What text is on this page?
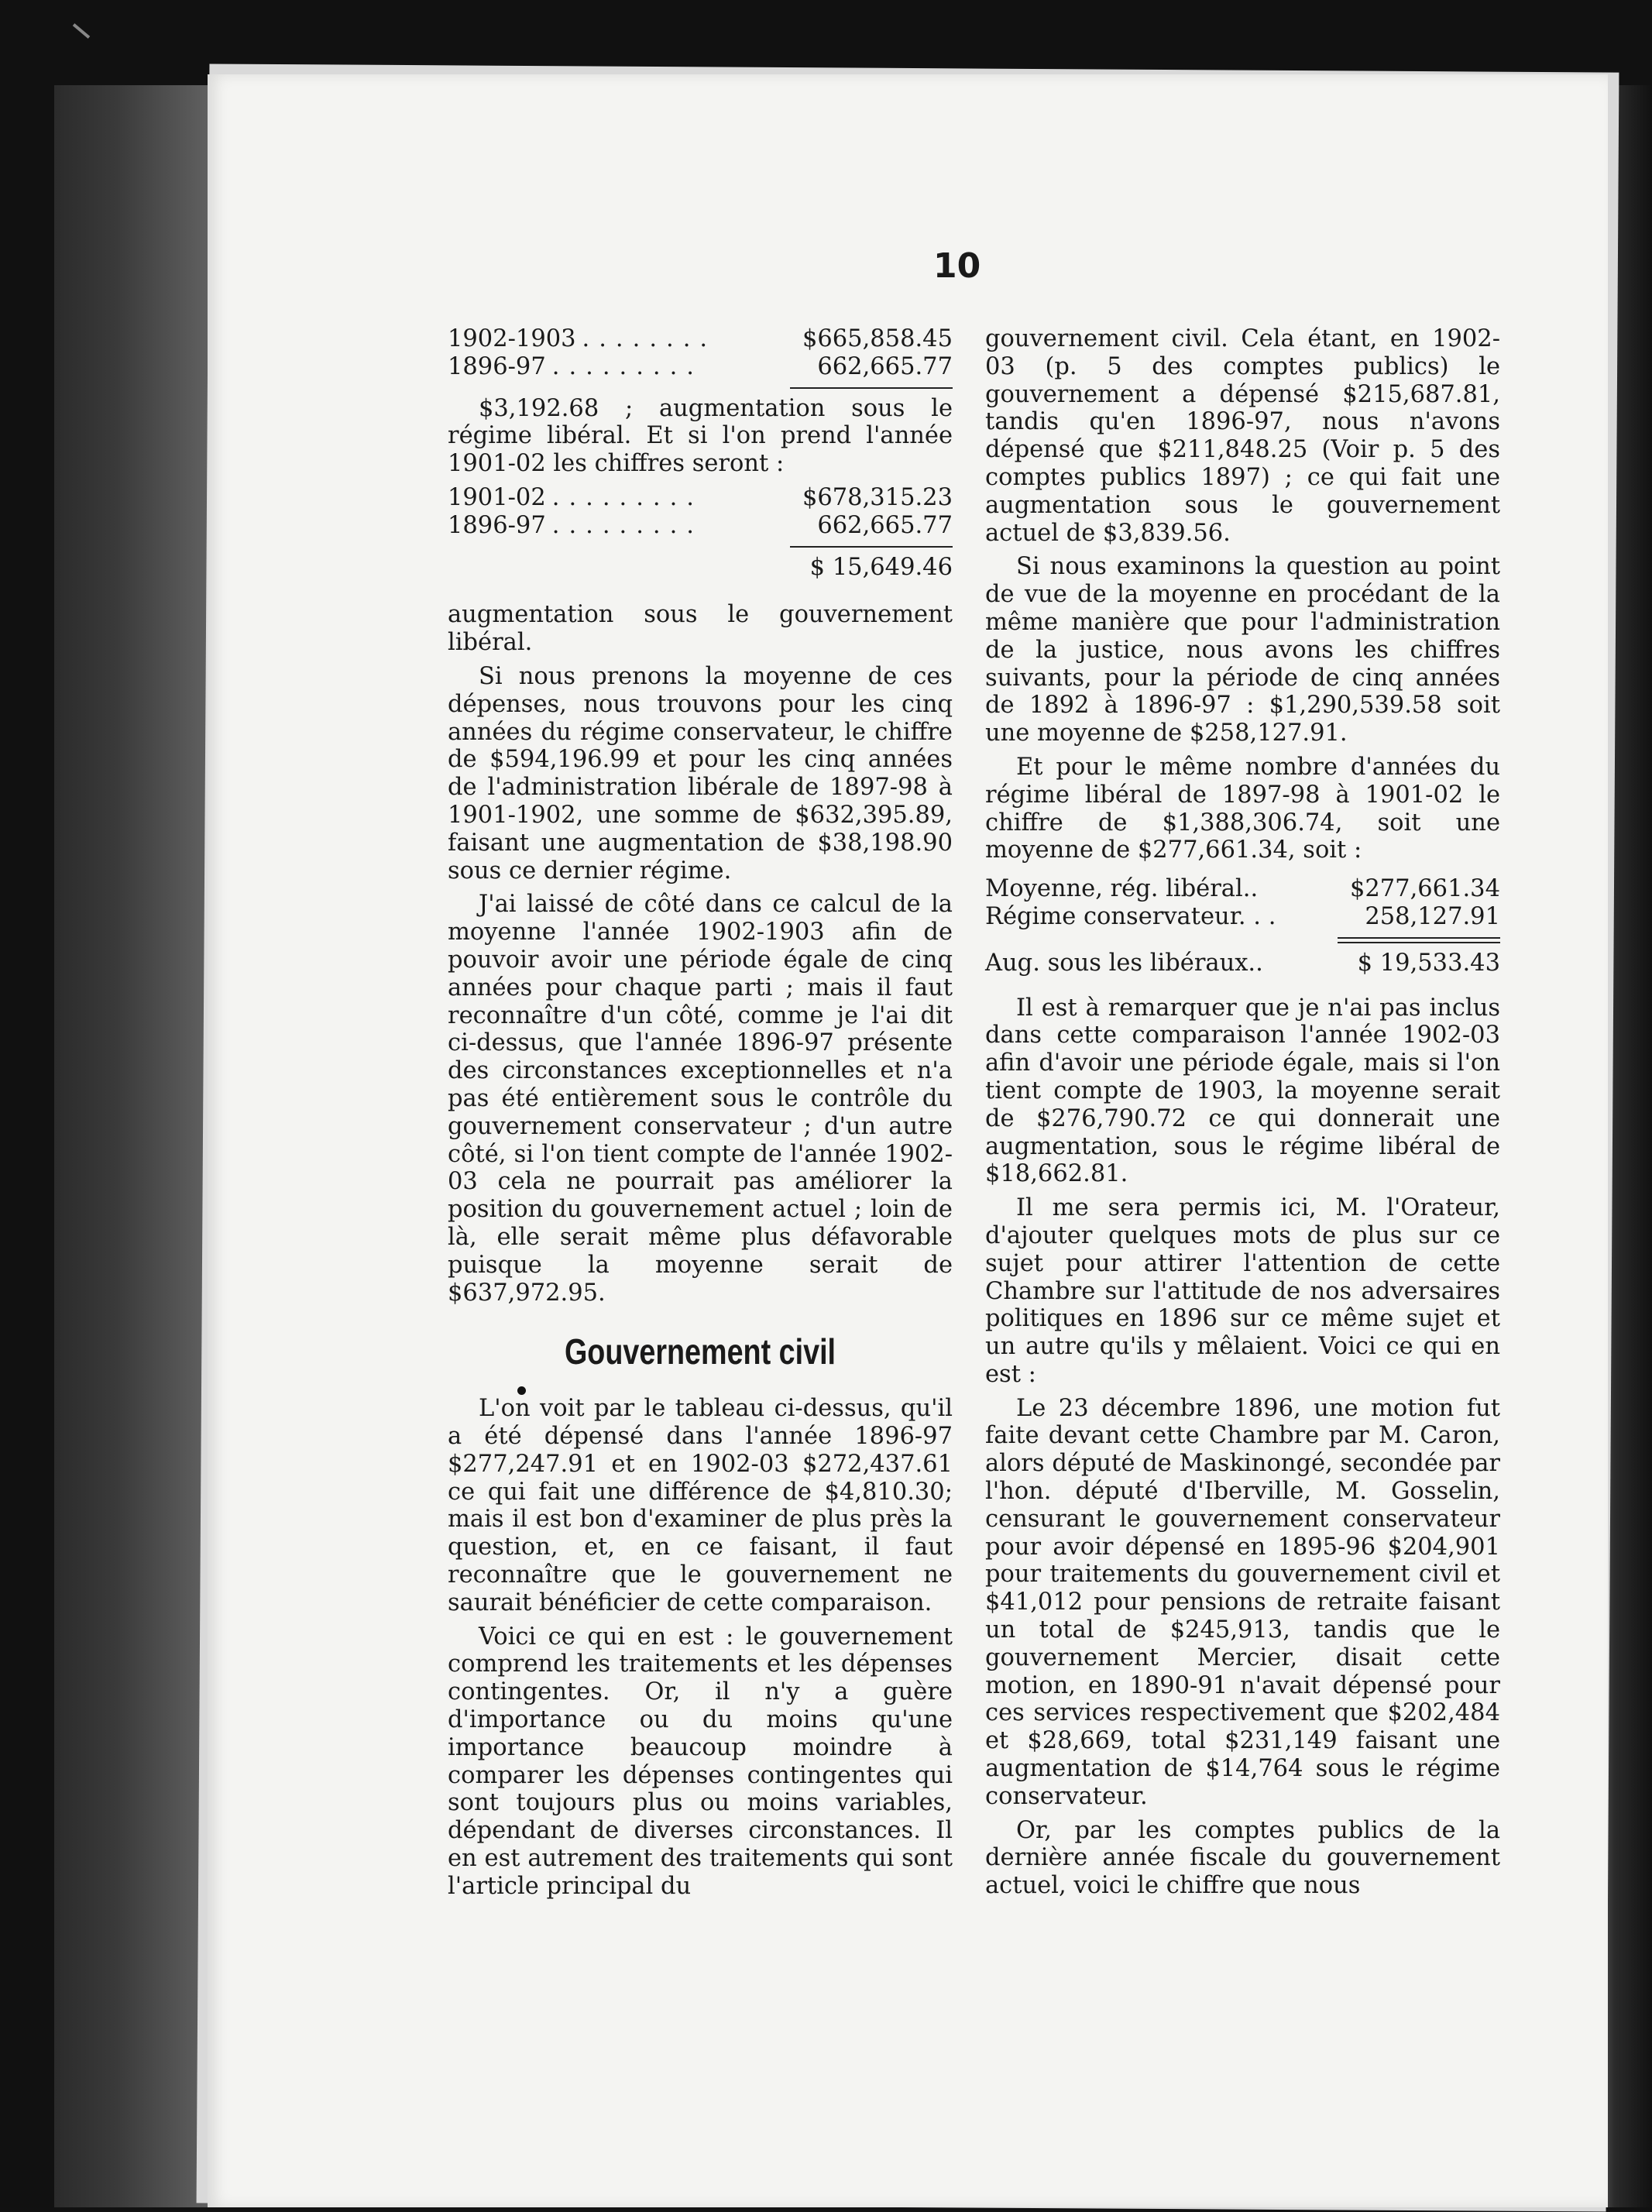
10
1902-1903 ........	$665,858.45
1896-97 .........	662,665.77

$3,192.68 ; augmentation sous le régime libéral. Et si l'on prend l'année 1901-02 les chiffres seront :

1901-02 .........	$678,315.23
1896-97 .........	662,665.77
$ 15,649.46

augmentation sous le gouvernement libéral.

Si nous prenons la moyenne de ces dépenses, nous trouvons pour les cinq années du régime conservateur, le chiffre de $594,196.99 et pour les cinq années de l'administration libérale de 1897-98 à 1901-1902, une somme de $632,395.89, faisant une augmentation de $38,198.90 sous ce dernier régime.

J'ai laissé de côté dans ce calcul de la moyenne l'année 1902-1903 afin de pouvoir avoir une période égale de cinq années pour chaque parti ; mais il faut reconnaître d'un côté, comme je l'ai dit ci-dessus, que l'année 1896-97 présente des circonstances exceptionnelles et n'a pas été entièrement sous le contrôle du gouvernement conservateur ; d'un autre côté, si l'on tient compte de l'année 1902-03 cela ne pourrait pas améliorer la position du gouvernement actuel ; loin de là, elle serait même plus défavorable puisque la moyenne serait de $637,972.95.

Gouvernement civil

L'on voit par le tableau ci-dessus, qu'il a été dépensé dans l'année 1896-97 $277,247.91 et en 1902-03 $272,437.61 ce qui fait une différence de $4,810.30; mais il est bon d'examiner de plus près la question, et, en ce faisant, il faut reconnaître que le gouvernement ne saurait bénéficier de cette comparaison.

Voici ce qui en est : le gouvernement comprend les traitements et les dépenses contingentes. Or, il n'y a guère d'importance ou du moins qu'une importance beaucoup moindre à comparer les dépenses contingentes qui sont toujours plus ou moins variables, dépendant de diverses circonstances. Il en est autrement des traitements qui sont l'article principal du

gouvernement civil. Cela étant, en 1902-03 (p. 5 des comptes publics) le gouvernement a dépensé $215,687.81, tandis qu'en 1896-97, nous n'avons dépensé que $211,848.25 (Voir p. 5 des comptes publics 1897) ; ce qui fait une augmentation sous le gouvernement actuel de $3,839.56.

Si nous examinons la question au point de vue de la moyenne en procédant de la même manière que pour l'administration de la justice, nous avons les chiffres suivants, pour la période de cinq années de 1892 à 1896-97 : $1,290,539.58 soit une moyenne de $258,127.91.

Et pour le même nombre d'années du régime libéral de 1897-98 à 1901-02 le chiffre de $1,388,306.74, soit une moyenne de $277,661.34, soit :

Moyenne, rég. libéral..	$277,661.34
Régime conservateur. . .	258,127.91
Aug. sous les libéraux..	$ 19,533.43

Il est à remarquer que je n'ai pas inclus dans cette comparaison l'année 1902-03 afin d'avoir une période égale, mais si l'on tient compte de 1903, la moyenne serait de $276,790.72 ce qui donnerait une augmentation, sous le régime libéral de $18,662.81.

Il me sera permis ici, M. l'Orateur, d'ajouter quelques mots de plus sur ce sujet pour attirer l'attention de cette Chambre sur l'attitude de nos adversaires politiques en 1896 sur ce même sujet et un autre qu'ils y mêlaient. Voici ce qui en est :

Le 23 décembre 1896, une motion fut faite devant cette Chambre par M. Caron, alors député de Maskinongé, secondée par l'hon. député d'Iberville, M. Gosselin, censurant le gouvernement conservateur pour avoir dépensé en 1895-96 $204,901 pour traitements du gouvernement civil et $41,012 pour pensions de retraite faisant un total de $245,913, tandis que le gouvernement Mercier, disait cette motion, en 1890-91 n'avait dépensé pour ces services respectivement que $202,484 et $28,669, total $231,149 faisant une augmentation de $14,764 sous le régime conservateur.

Or, par les comptes publics de la dernière année fiscale du gouvernement actuel, voici le chiffre que nous
